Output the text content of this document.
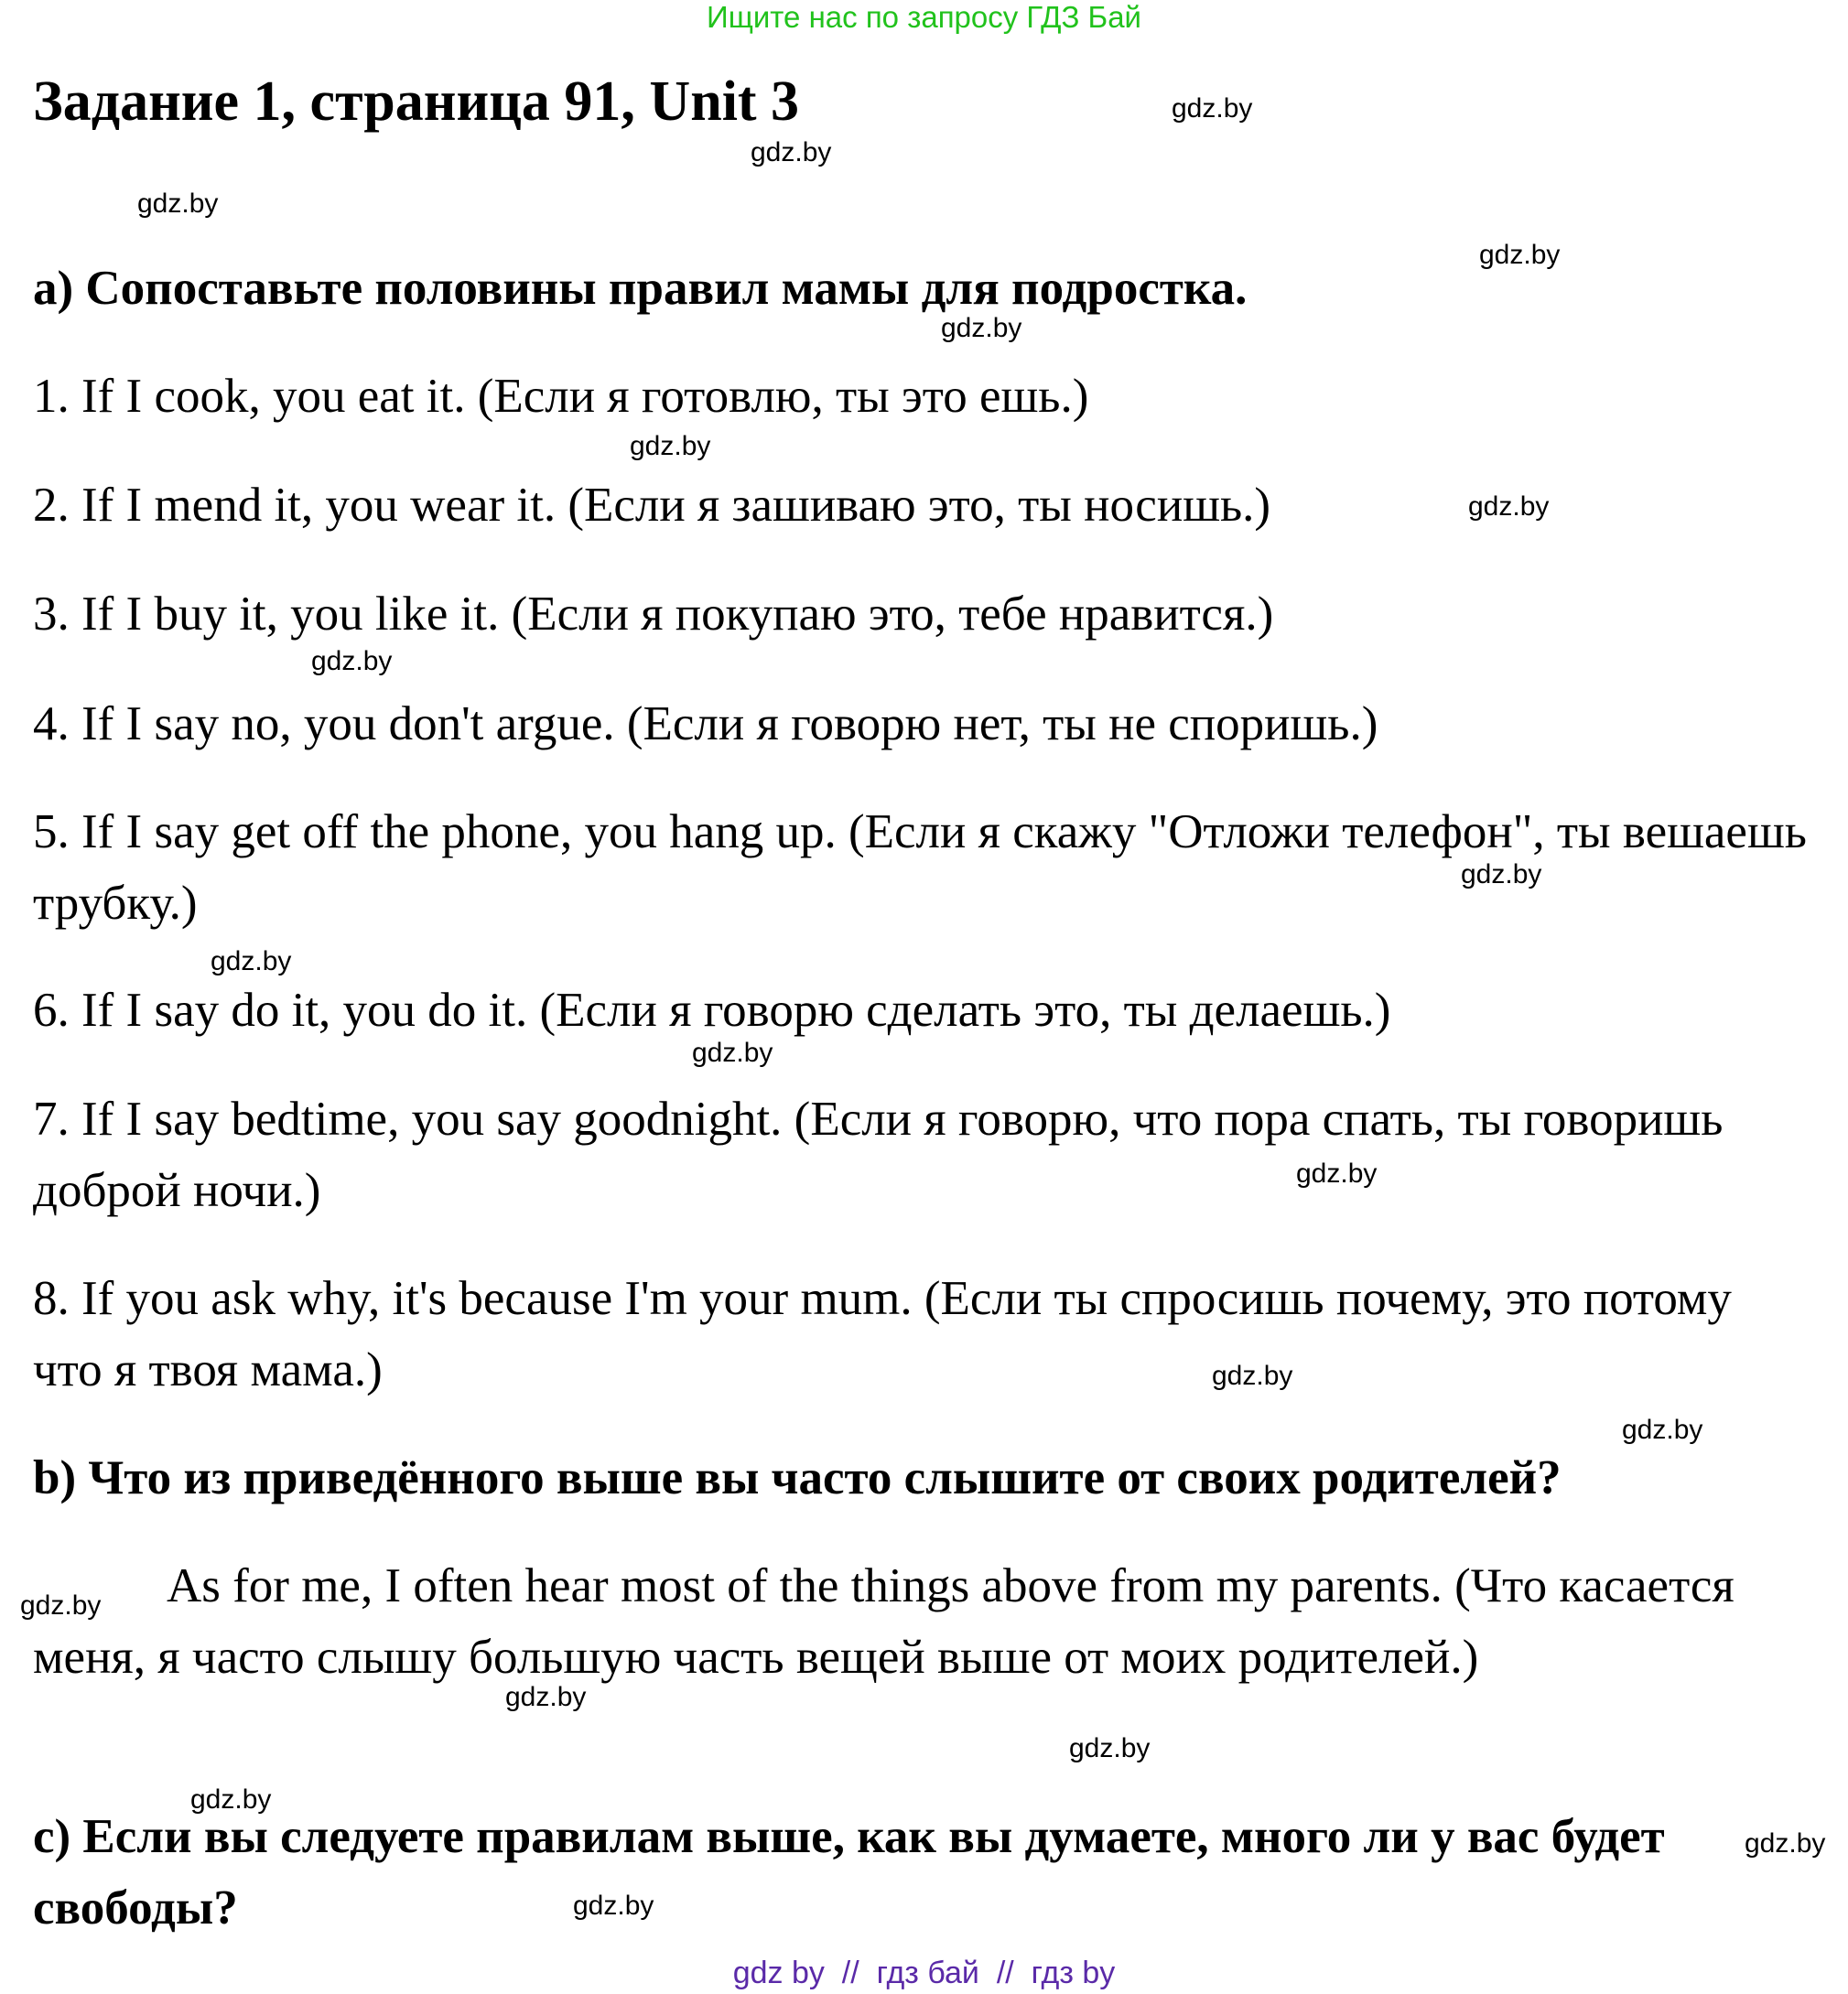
Ищите нас по запросу ГДЗ Бай
Задание 1, страница 91, Unit 3
a) Сопоставьте половины правил мамы для подростка.
1. If I cook, you eat it. (Если я готовлю, ты это ешь.)
2. If I mend it, you wear it. (Если я зашиваю это, ты носишь.)
3. If I buy it, you like it. (Если я покупаю это, тебе нравится.)
4. If I say no, you don't argue. (Если я говорю нет, ты не споришь.)
5. If I say get off the phone, you hang up. (Если я скажу "Отложи телефон", ты вешаешь трубку.)
6. If I say do it, you do it. (Если я говорю сделать это, ты делаешь.)
7. If I say bedtime, you say goodnight. (Если я говорю, что пора спать, ты говоришь доброй ночи.)
8. If you ask why, it's because I'm your mum. (Если ты спросишь почему, это потому что я твоя мама.)
b) Что из приведённого выше вы часто слышите от своих родителей?
As for me, I often hear most of the things above from my parents. (Что касается меня, я часто слышу большую часть вещей выше от моих родителей.)
c) Если вы следуете правилам выше, как вы думаете, много ли у вас будет свободы?
gdz.by
gdz.by
gdz.by
gdz.by
gdz.by
gdz.by
gdz.by
gdz.by
gdz.by
gdz.by
gdz.by
gdz.by
gdz.by
gdz.by
gdz.by
gdz.by
gdz.by
gdz.by
gdz.by
gdz.by
gdz by  //  гдз бай  //  гдз by
